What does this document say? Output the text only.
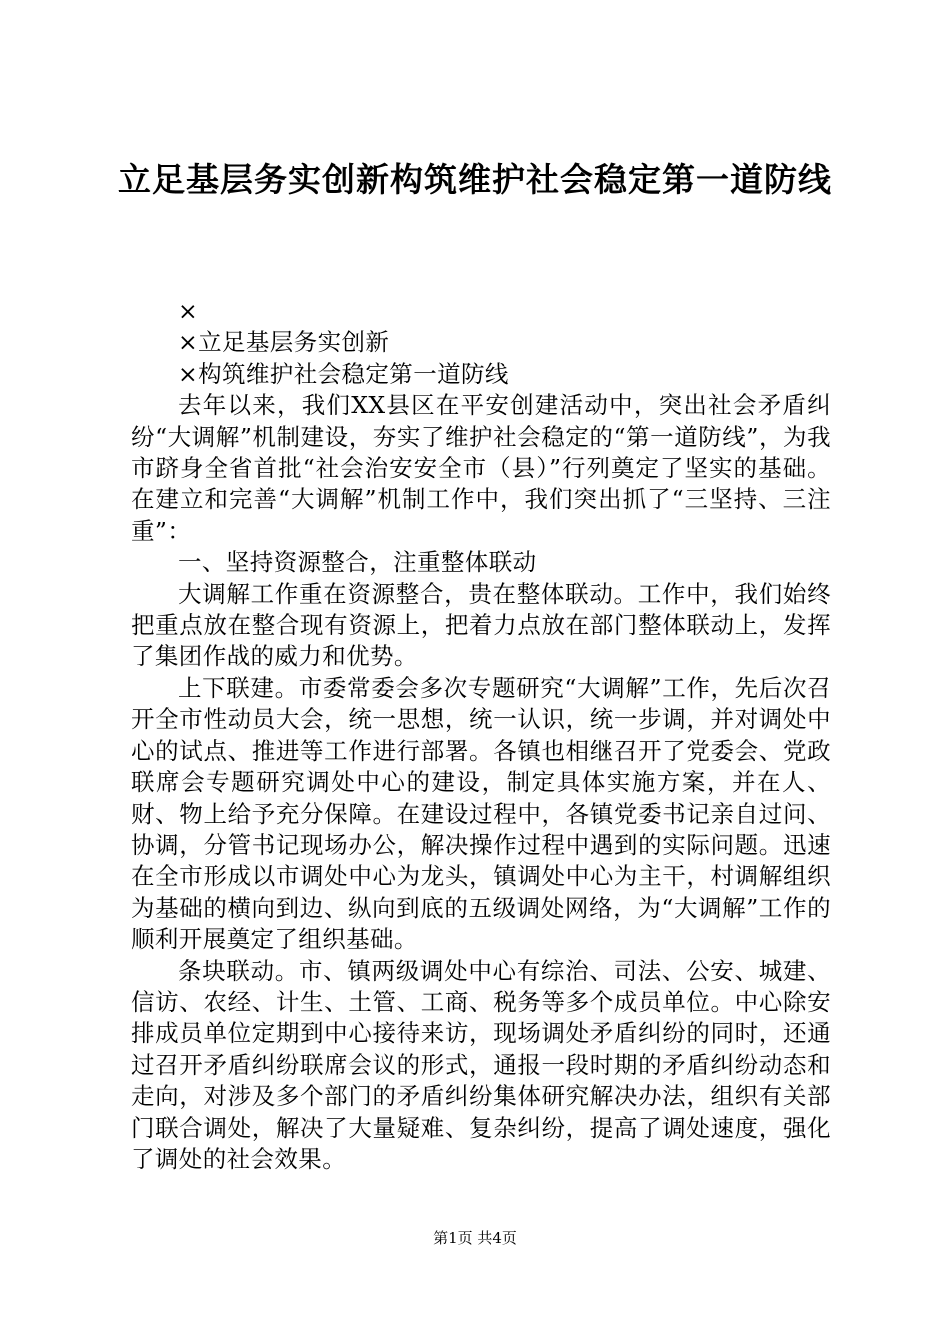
立足基层务实创新构筑维护社会稳定第一道防线

×

×立足基层务实创新

×构筑维护社会稳定第一道防线

去年以来，我们XX县区在平安创建活动中，突出社会矛盾纠纷“大调解”机制建设，夯实了维护社会稳定的“第一道防线”，为我市跻身全省首批“社会治安安全市（县）”行列奠定了坚实的基础。在建立和完善“大调解”机制工作中，我们突出抓了“三坚持、三注重”：

一、坚持资源整合，注重整体联动

大调解工作重在资源整合，贵在整体联动。工作中，我们始终把重点放在整合现有资源上，把着力点放在部门整体联动上，发挥了集团作战的威力和优势。

上下联建。市委常委会多次专题研究“大调解”工作，先后次召开全市性动员大会，统一思想，统一认识，统一步调，并对调处中心的试点、推进等工作进行部署。各镇也相继召开了党委会、党政联席会专题研究调处中心的建设，制定具体实施方案，并在人、财、物上给予充分保障。在建设过程中，各镇党委书记亲自过问、协调，分管书记现场办公，解决操作过程中遇到的实际问题。迅速在全市形成以市调处中心为龙头，镇调处中心为主干，村调解组织为基础的横向到边、纵向到底的五级调处网络，为“大调解”工作的顺利开展奠定了组织基础。

条块联动。市、镇两级调处中心有综治、司法、公安、城建、信访、农经、计生、土管、工商、税务等多个成员单位。中心除安排成员单位定期到中心接待来访，现场调处矛盾纠纷的同时，还通过召开矛盾纠纷联席会议的形式，通报一段时期的矛盾纠纷动态和走向，对涉及多个部门的矛盾纠纷集体研究解决办法，组织有关部门联合调处，解决了大量疑难、复杂纠纷，提高了调处速度，强化了调处的社会效果。

第1页 共4页
